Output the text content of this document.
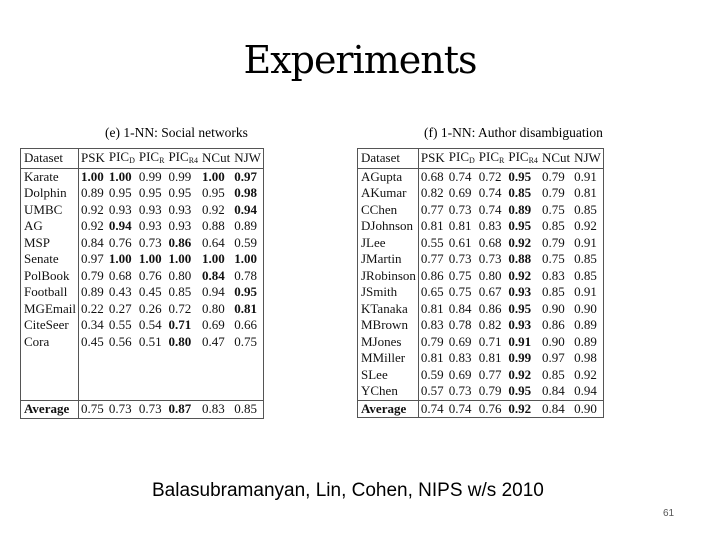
Experiments
(e) 1-NN: Social networks	(f) 1-NN: Author disambiguation
Dataset	PSK	$PIC_D$	$PIC_R$	$PIC_{R4}$	NCut	NJW
Karate	1.00	1.00	0.99	0.99	1.00	0.97
Dolphin	0.89	0.95	0.95	0.95	0.95	0.98
UMBC	0.92	0.93	0.93	0.93	0.92	0.94
AG	0.92	0.94	0.93	0.93	0.88	0.89
MSP	0.84	0.76	0.73	0.86	0.64	0.59
Senate	0.97	1.00	1.00	1.00	1.00	1.00
PolBook	0.79	0.68	0.76	0.80	0.84	0.78
Football	0.89	0.43	0.45	0.85	0.94	0.95
MGEmail	0.22	0.27	0.26	0.72	0.80	0.81
CiteSeer	0.34	0.55	0.54	0.71	0.69	0.66
Cora	0.45	0.56	0.51	0.80	0.47	0.75

Average	0.75	0.73	0.73	0.87	0.83	0.85
Dataset	PSK	$PIC_D$	$PIC_R$	$PIC_{R4}$	NCut	NJW
AGupta	0.68	0.74	0.72	0.95	0.79	0.91
AKumar	0.82	0.69	0.74	0.85	0.79	0.81
CChen	0.77	0.73	0.74	0.89	0.75	0.85
DJohnson	0.81	0.81	0.83	0.95	0.85	0.92
JLee	0.55	0.61	0.68	0.92	0.79	0.91
JMartin	0.77	0.73	0.73	0.88	0.75	0.85
JRobinson	0.86	0.75	0.80	0.92	0.83	0.85
JSmith	0.65	0.75	0.67	0.93	0.85	0.91
KTanaka	0.81	0.84	0.86	0.95	0.90	0.90
MBrown	0.83	0.78	0.82	0.93	0.86	0.89
MJones	0.79	0.69	0.71	0.91	0.90	0.89
MMiller	0.81	0.83	0.81	0.99	0.97	0.98
SLee	0.59	0.69	0.77	0.92	0.85	0.92
YChen	0.57	0.73	0.79	0.95	0.84	0.94
Average	0.74	0.74	0.76	0.92	0.84	0.90
Balasubramanyan, Lin, Cohen, NIPS w/s 2010
61
